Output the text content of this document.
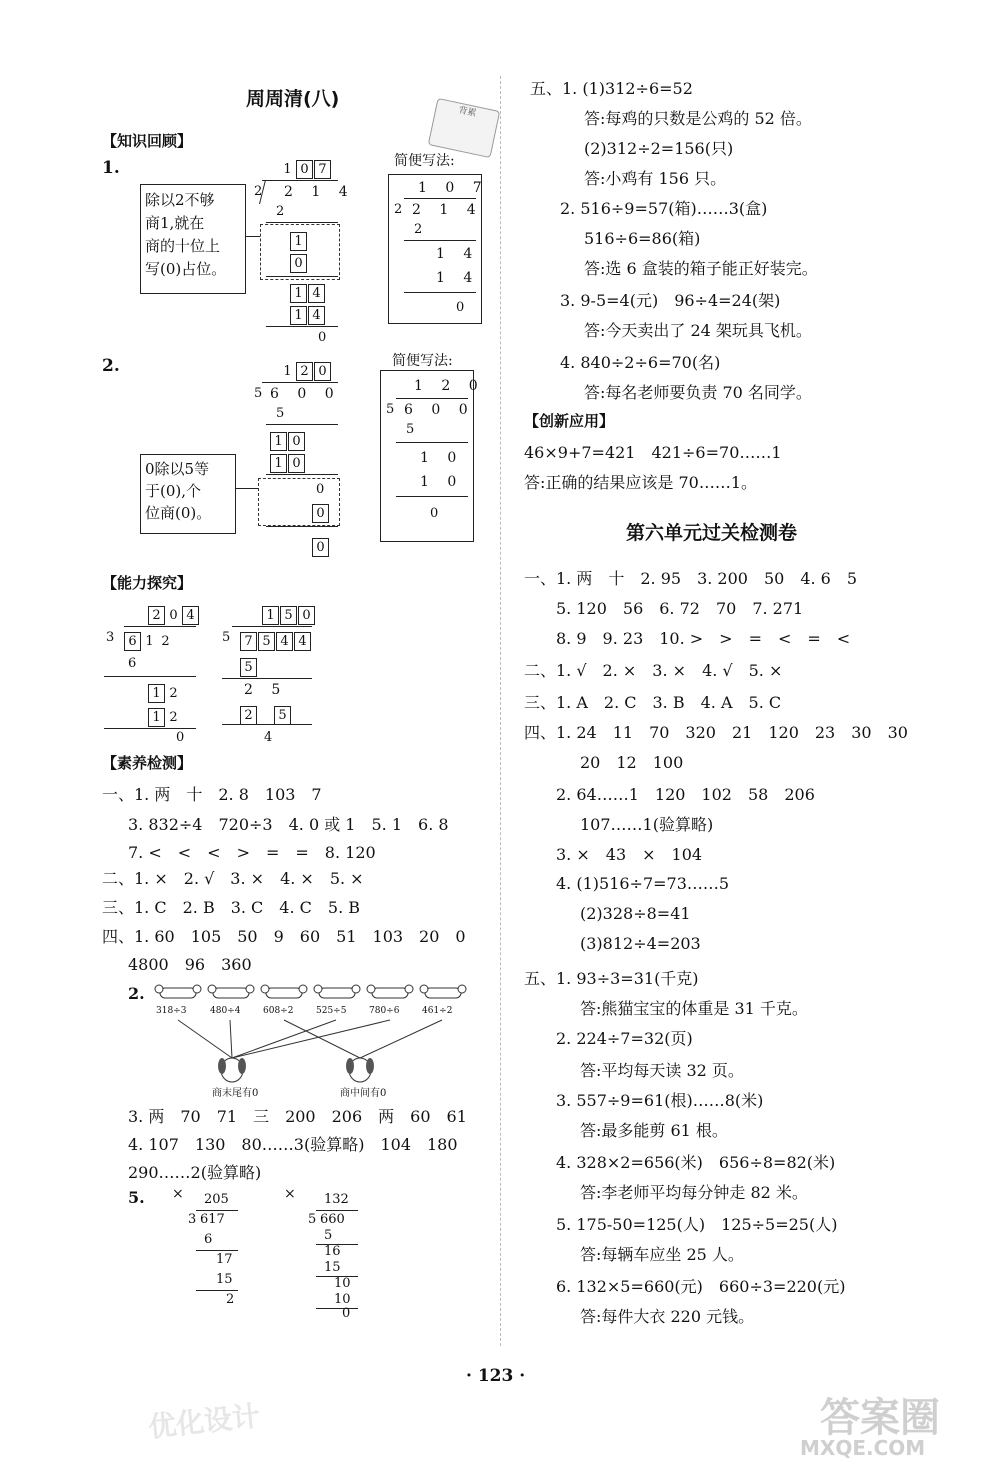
周周清(八)
背累
【知识回顾】
1.
除以2不够
商1,就在
商的十位上
写(0)占位。
1 0 7
2 2 1 4
2
1
0
1 4
1 4
0
简便写法:
1 0 7
2 2 1 4
2
1 4
1 4
0
2.	1 2 0
5 6 0 0
5
1 0
1 0
0
0
0
0除以5等
于(0),个
位商(0)。
简便写法:
1 2 0
5 6 0 0
5
1 0
1 0
0
【能力探究】
2 0 4
3	6 1 2
6
1 2
1 2
0
1 5 0
5	7 5 4 4
5
2 5
2 5
4
【素养检测】
一、1. 两　十　2. 8　103　7
3. 832÷4　720÷3　4. 0 或 1　5. 1　6. 8
7. <　<　<　>　=　=　8. 120
二、1. ×　2. √　3. ×　4. ×　5. ×
三、1. C　2. B　3. C　4. C　5. B
四、1. 60　105　50　9　60　51　103　20　0
4800　96　360
2.
318÷3	480÷4	608÷2	525÷5	780÷6	461÷2
商末尾有0	商中间有0
3. 两　70　71　三　200　206　两　60　61
4. 107　130　80……3(验算略)　104　180
290……2(验算略)
5. × 205
3 617
6
17
15
2
× 132
5 660
5
16
15
10
10
0
五、1. (1)312÷6=52
答:每鸡的只数是公鸡的 52 倍。
(2)312÷2=156(只)
答:小鸡有 156 只。
2. 516÷9=57(箱)……3(盒)
516÷6=86(箱)
答:选 6 盒装的箱子能正好装完。
3. 9-5=4(元)　96÷4=24(架)
答:今天卖出了 24 架玩具飞机。
4. 840÷2÷6=70(名)
答:每名老师要负责 70 名同学。
【创新应用】
46×9+7=421　421÷6=70……1
答:正确的结果应该是 70……1。
第六单元过关检测卷
一、1. 两　十　2. 95　3. 200　50　4. 6　5
5. 120　56　6. 72　70　7. 271
8. 9　9. 23　10. >　>　=　<　=　<
二、1. √　2. ×　3. ×　4. √　5. ×
三、1. A　2. C　3. B　4. A　5. C
四、1. 24　11　70　320　21　120　23　30　30
20　12　100
2. 64……1　120　102　58　206
107……1(验算略)
3. ×　43　×　104
4. (1)516÷7=73……5
(2)328÷8=41
(3)812÷4=203
五、1. 93÷3=31(千克)
答:熊猫宝宝的体重是 31 千克。
2. 224÷7=32(页)
答:平均每天读 32 页。
3. 557÷9=61(根)……8(米)
答:最多能剪 61 根。
4. 328×2=656(米)　656÷8=82(米)
答:李老师平均每分钟走 82 米。
5. 175-50=125(人)　125÷5=25(人)
答:每辆车应坐 25 人。
6. 132×5=660(元)　660÷3=220(元)
答:每件大衣 220 元钱。
· 123 ·
答案圈
MXQE.COM
优化设计
